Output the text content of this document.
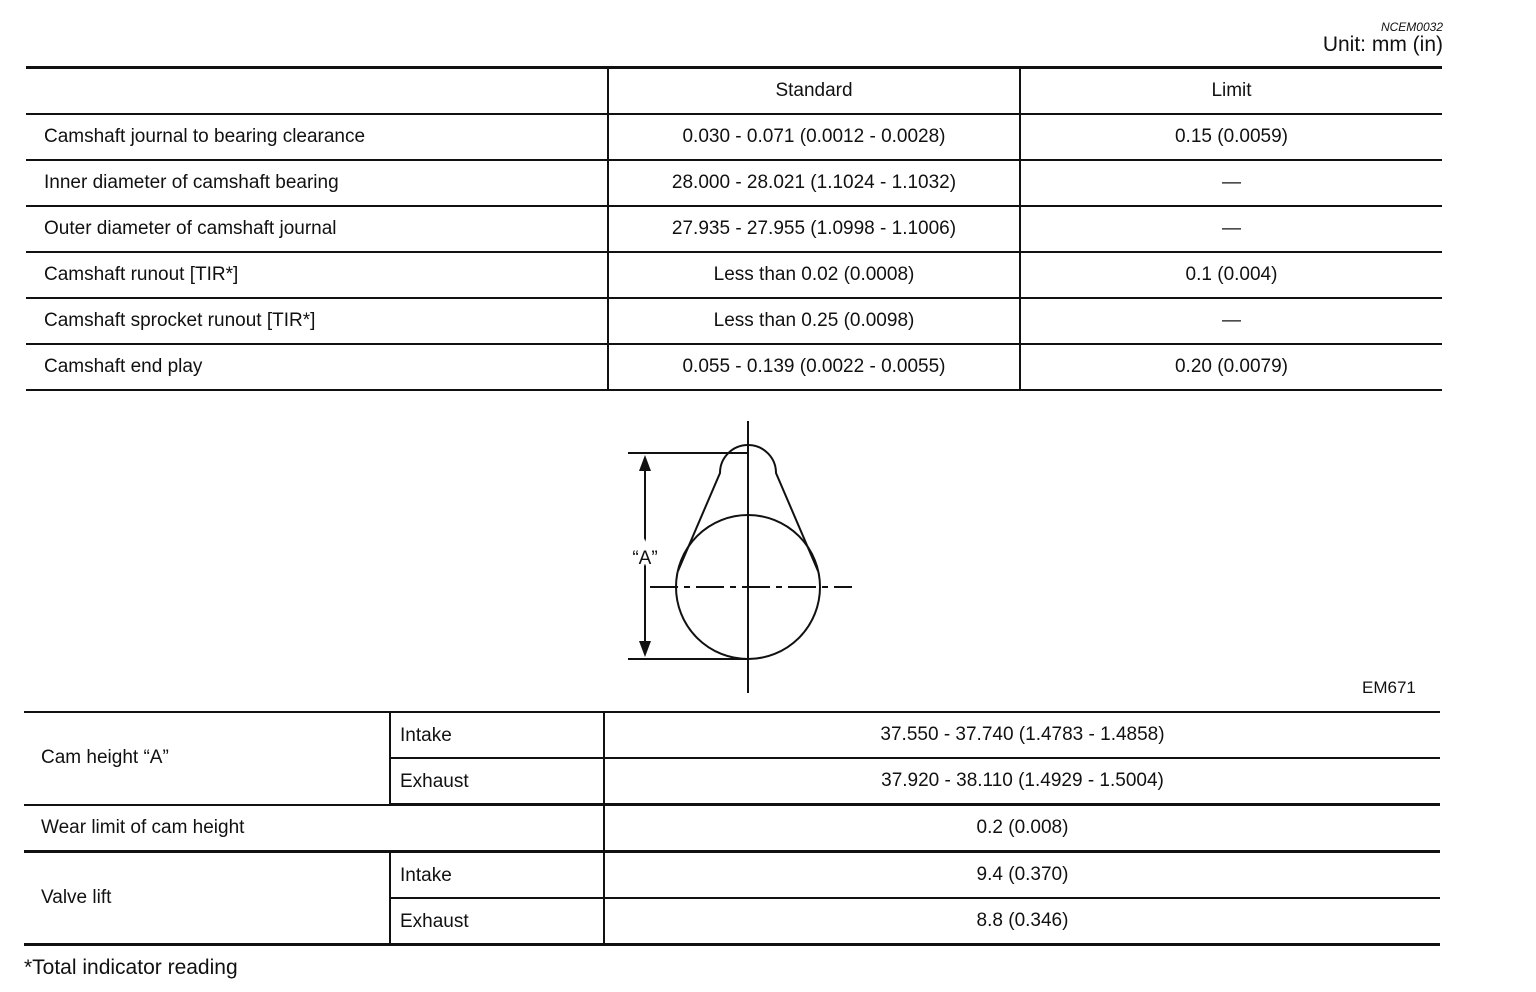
NCEM0032
Unit: mm (in)
	Standard	Limit
Camshaft journal to bearing clearance	0.030 - 0.071 (0.0012 - 0.0028)	0.15 (0.0059)
Inner diameter of camshaft bearing	28.000 - 28.021 (1.1024 - 1.1032)	—
Outer diameter of camshaft journal	27.935 - 27.955 (1.0998 - 1.1006)	—
Camshaft runout [TIR*]	Less than 0.02 (0.0008)	0.1 (0.004)
Camshaft sprocket runout [TIR*]	Less than 0.25 (0.0098)	—
Camshaft end play	0.055 - 0.139 (0.0022 - 0.0055)	0.20 (0.0079)
“A”
EM671
Cam height “A”	Intake	37.550 - 37.740 (1.4783 - 1.4858)
	Exhaust	37.920 - 38.110 (1.4929 - 1.5004)
Wear limit of cam height		0.2 (0.008)
Valve lift	Intake	9.4 (0.370)
	Exhaust	8.8 (0.346)
*Total indicator reading
